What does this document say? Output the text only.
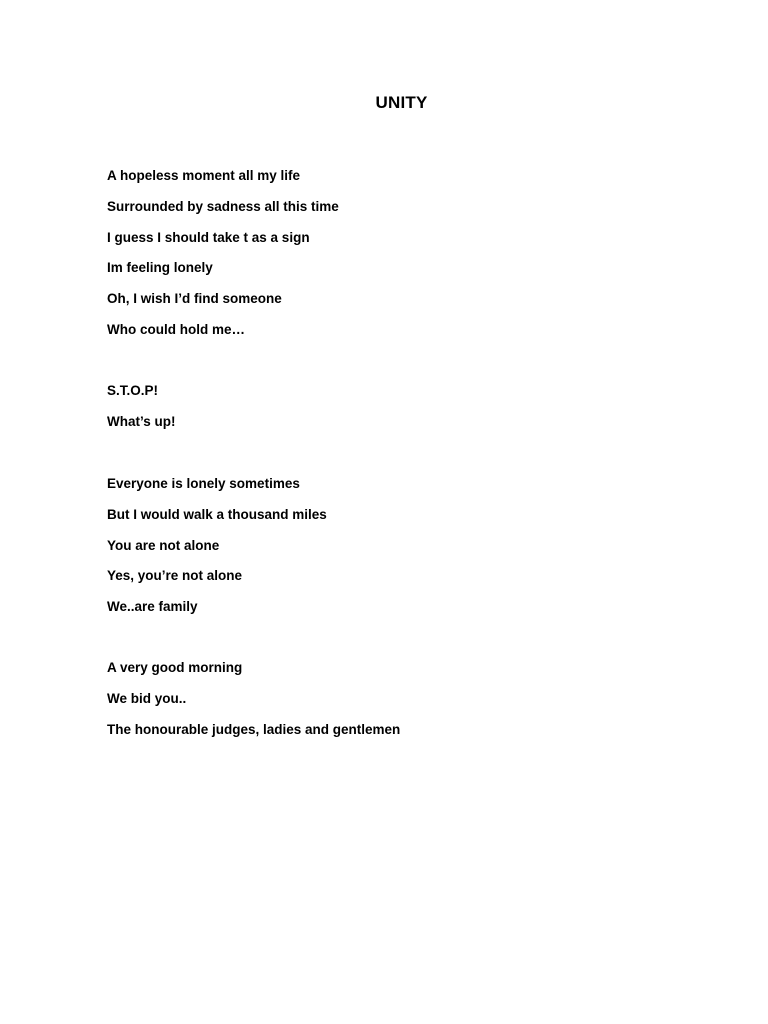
UNITY
A hopeless moment all my life
Surrounded by sadness all this time
I guess I should take t as a sign
Im feeling lonely
Oh, I wish I’d find someone
Who could hold me…
S.T.O.P!
What’s up!
Everyone is lonely sometimes
But I would walk a thousand miles
You are not alone
Yes, you’re not alone
We..are family
A very good morning
We bid you..
The honourable judges, ladies and gentlemen
